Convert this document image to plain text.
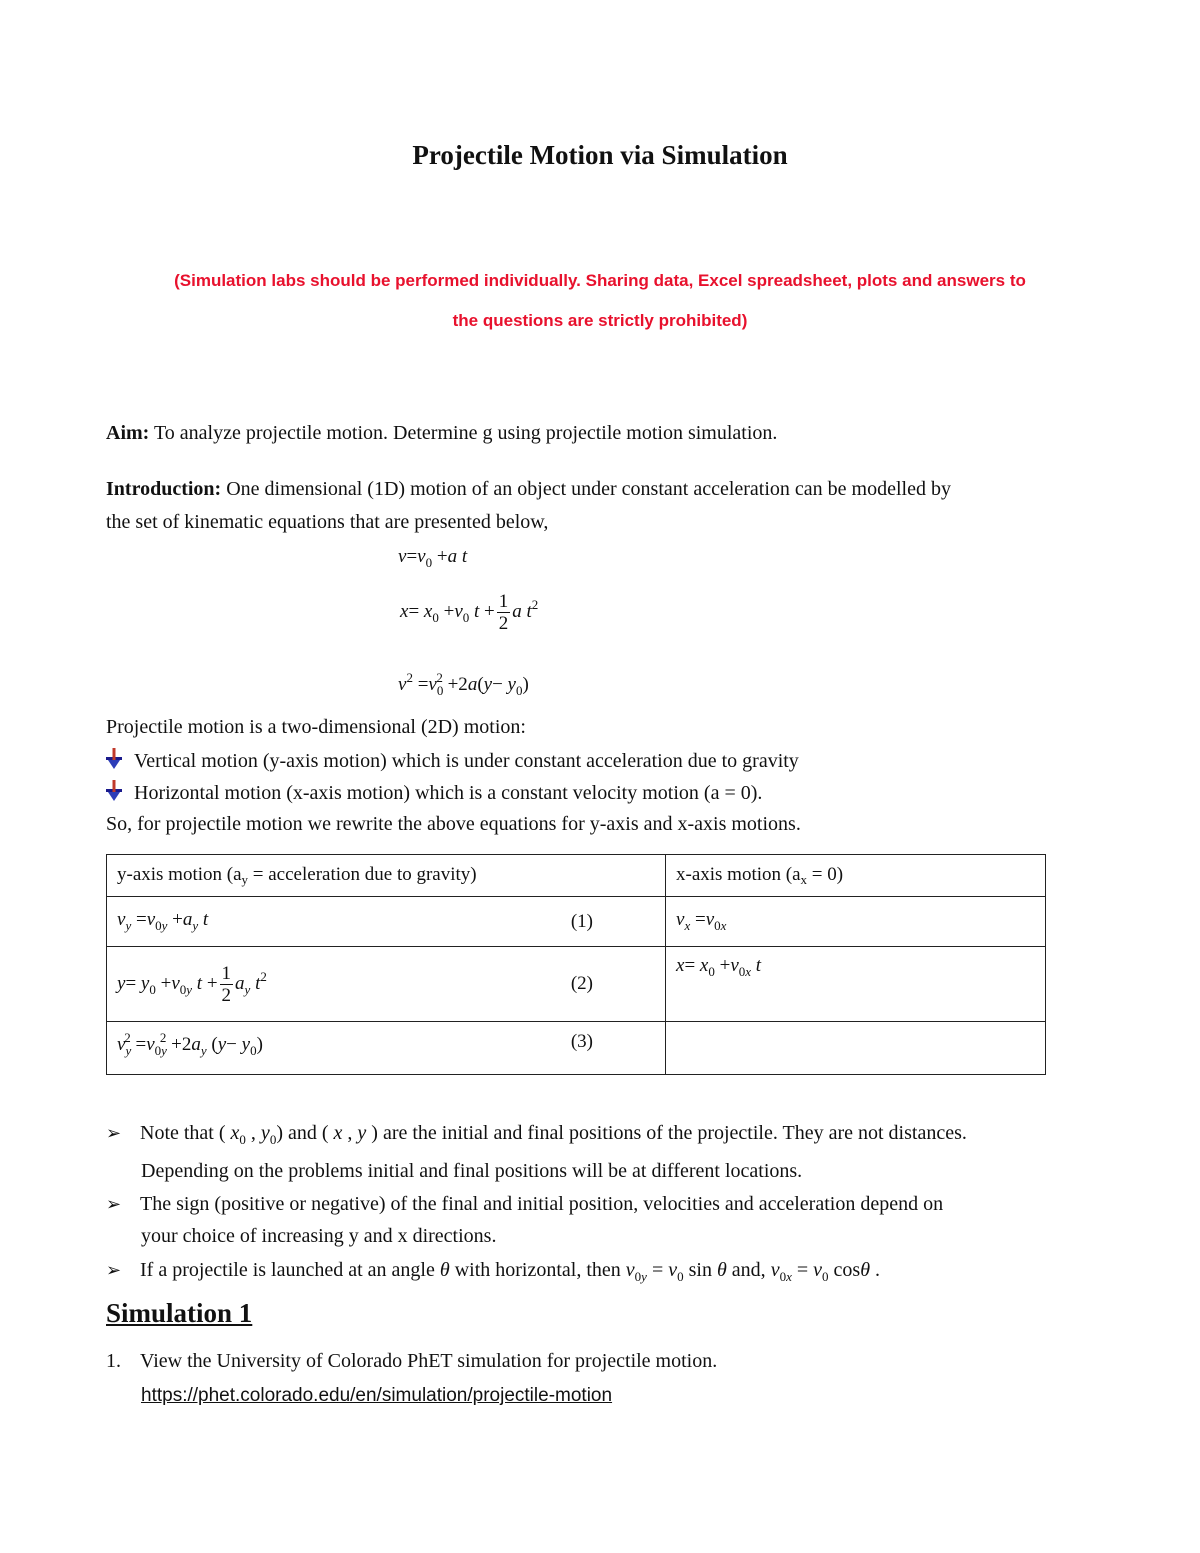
Projectile Motion via Simulation
(Simulation labs should be performed individually. Sharing data, Excel spreadsheet, plots and answers to
the questions are strictly prohibited)
Aim: To analyze projectile motion. Determine g using projectile motion simulation.
Introduction: One dimensional (1D) motion of an object under constant acceleration can be modelled by
the set of kinematic equations that are presented below,
$v=v_0 +a$ t
$x= x_0 +v_0$ $t + \frac{1}{2}$ a $t^2$
$v^2 =v_0^2 +2a(y- y_0)$
Projectile motion is a two-dimensional (2D) motion:
Vertical motion (y-axis motion) which is under constant acceleration due to gravity
Horizontal motion (x-axis motion) which is a constant velocity motion (a = 0).
So, for projectile motion we rewrite the above equations for y-axis and x-axis motions.
y-axis motion ($a_y$ = acceleration due to gravity)	x-axis motion $(a_x = 0)$
$v_y =v_{0y} +a_y$ t (1)	$v_x =v_{0x}$
$y= y_0 +v_{0y}$ $t + \frac{1}{2} a_y$ $t^2$ (2)	$x= x_0 +v_{0x}$ t
$v_y^2 =v_{0y}^2 +2a_y$ $(y- y_0)$ (3)	

➢ Note that ( $x_0$ , $y_0$) and ( x , y ) are the initial and final positions of the projectile. They are not distances.
Depending on the problems initial and final positions will be at different locations.
➢ The sign (positive or negative) of the final and initial position, velocities and acceleration depend on
your choice of increasing y and x directions.
➢ If a projectile is launched at an angle θ with horizontal, then $v_{0y} = v_0$ sin θ and, $v_{0x} = v_0$ cosθ .
Simulation 1
1. View the University of Colorado PhET simulation for projectile motion.
https://phet.colorado.edu/en/simulation/projectile-motion
